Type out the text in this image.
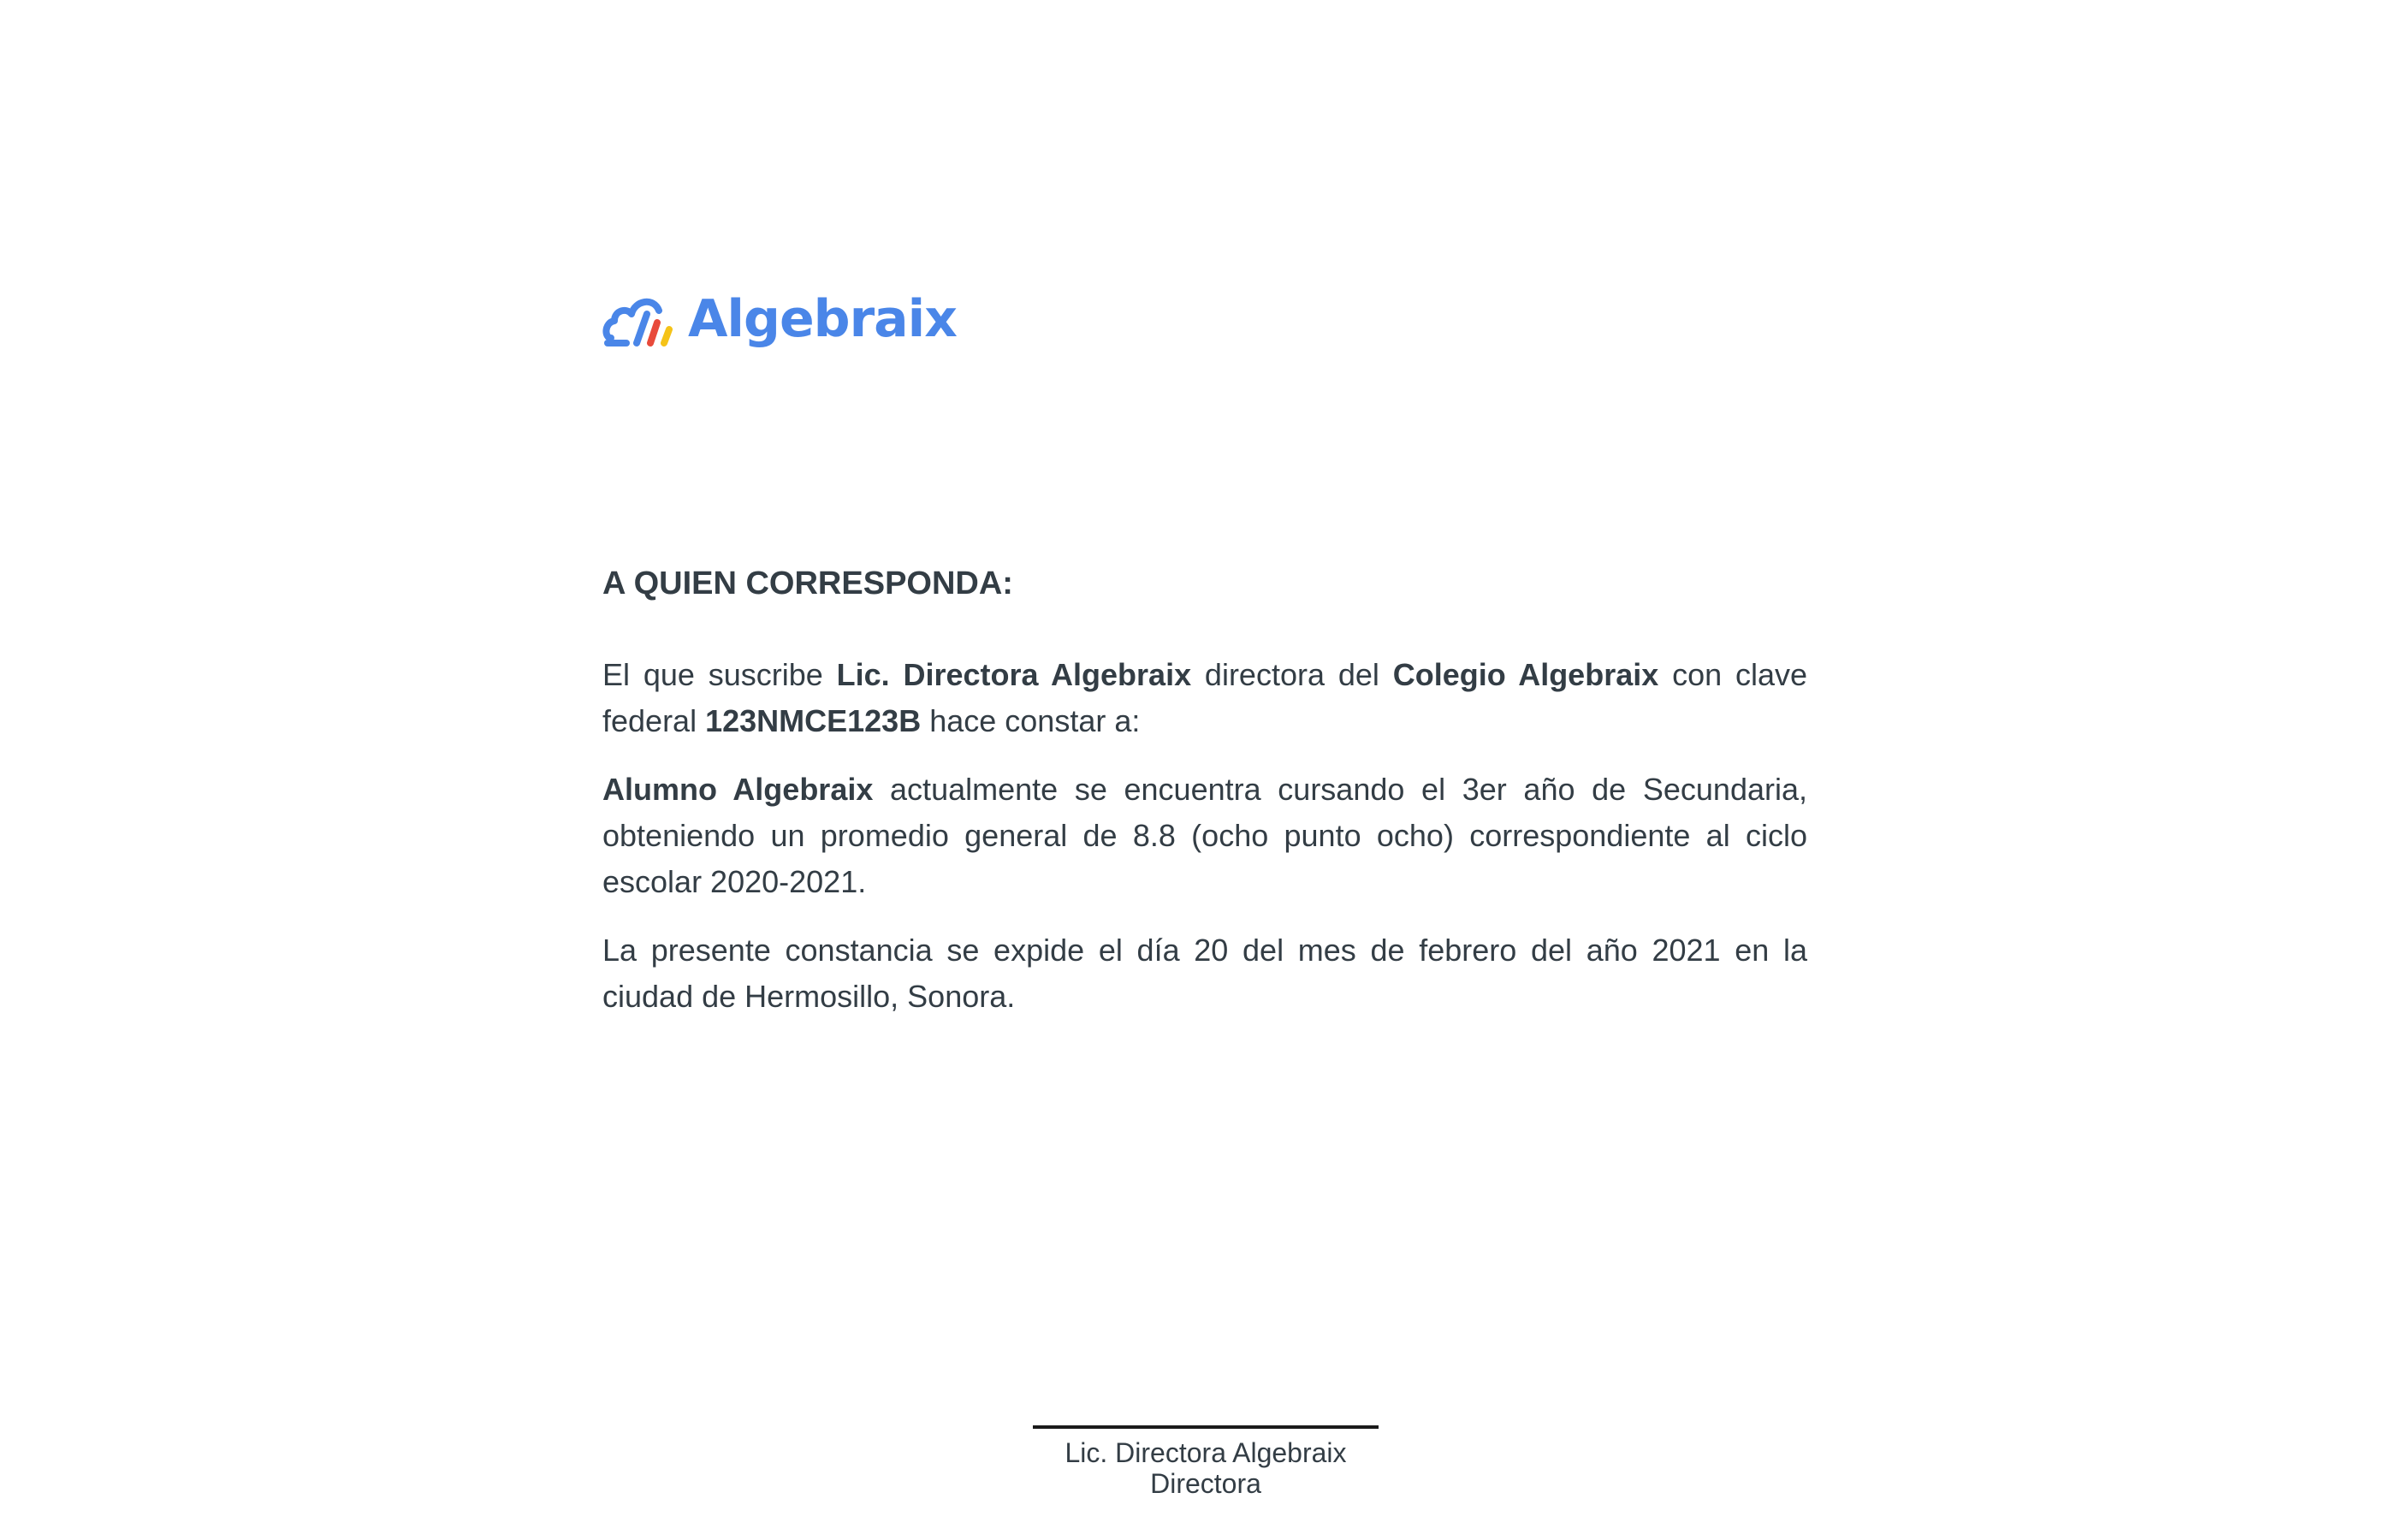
Algebraix
A QUIEN CORRESPONDA:

El que suscribe Lic. Directora Algebraix directora del Colegio Algebraix con clave federal 123NMCE123B hace constar a:

Alumno Algebraix actualmente se encuentra cursando el 3er año de Secundaria, obteniendo un promedio general de 8.8 (ocho punto ocho) correspondiente al ciclo escolar 2020-2021.

La presente constancia se expide el día 20 del mes de febrero del año 2021 en la ciudad de Hermosillo, Sonora.

Lic. Directora Algebraix
Directora
